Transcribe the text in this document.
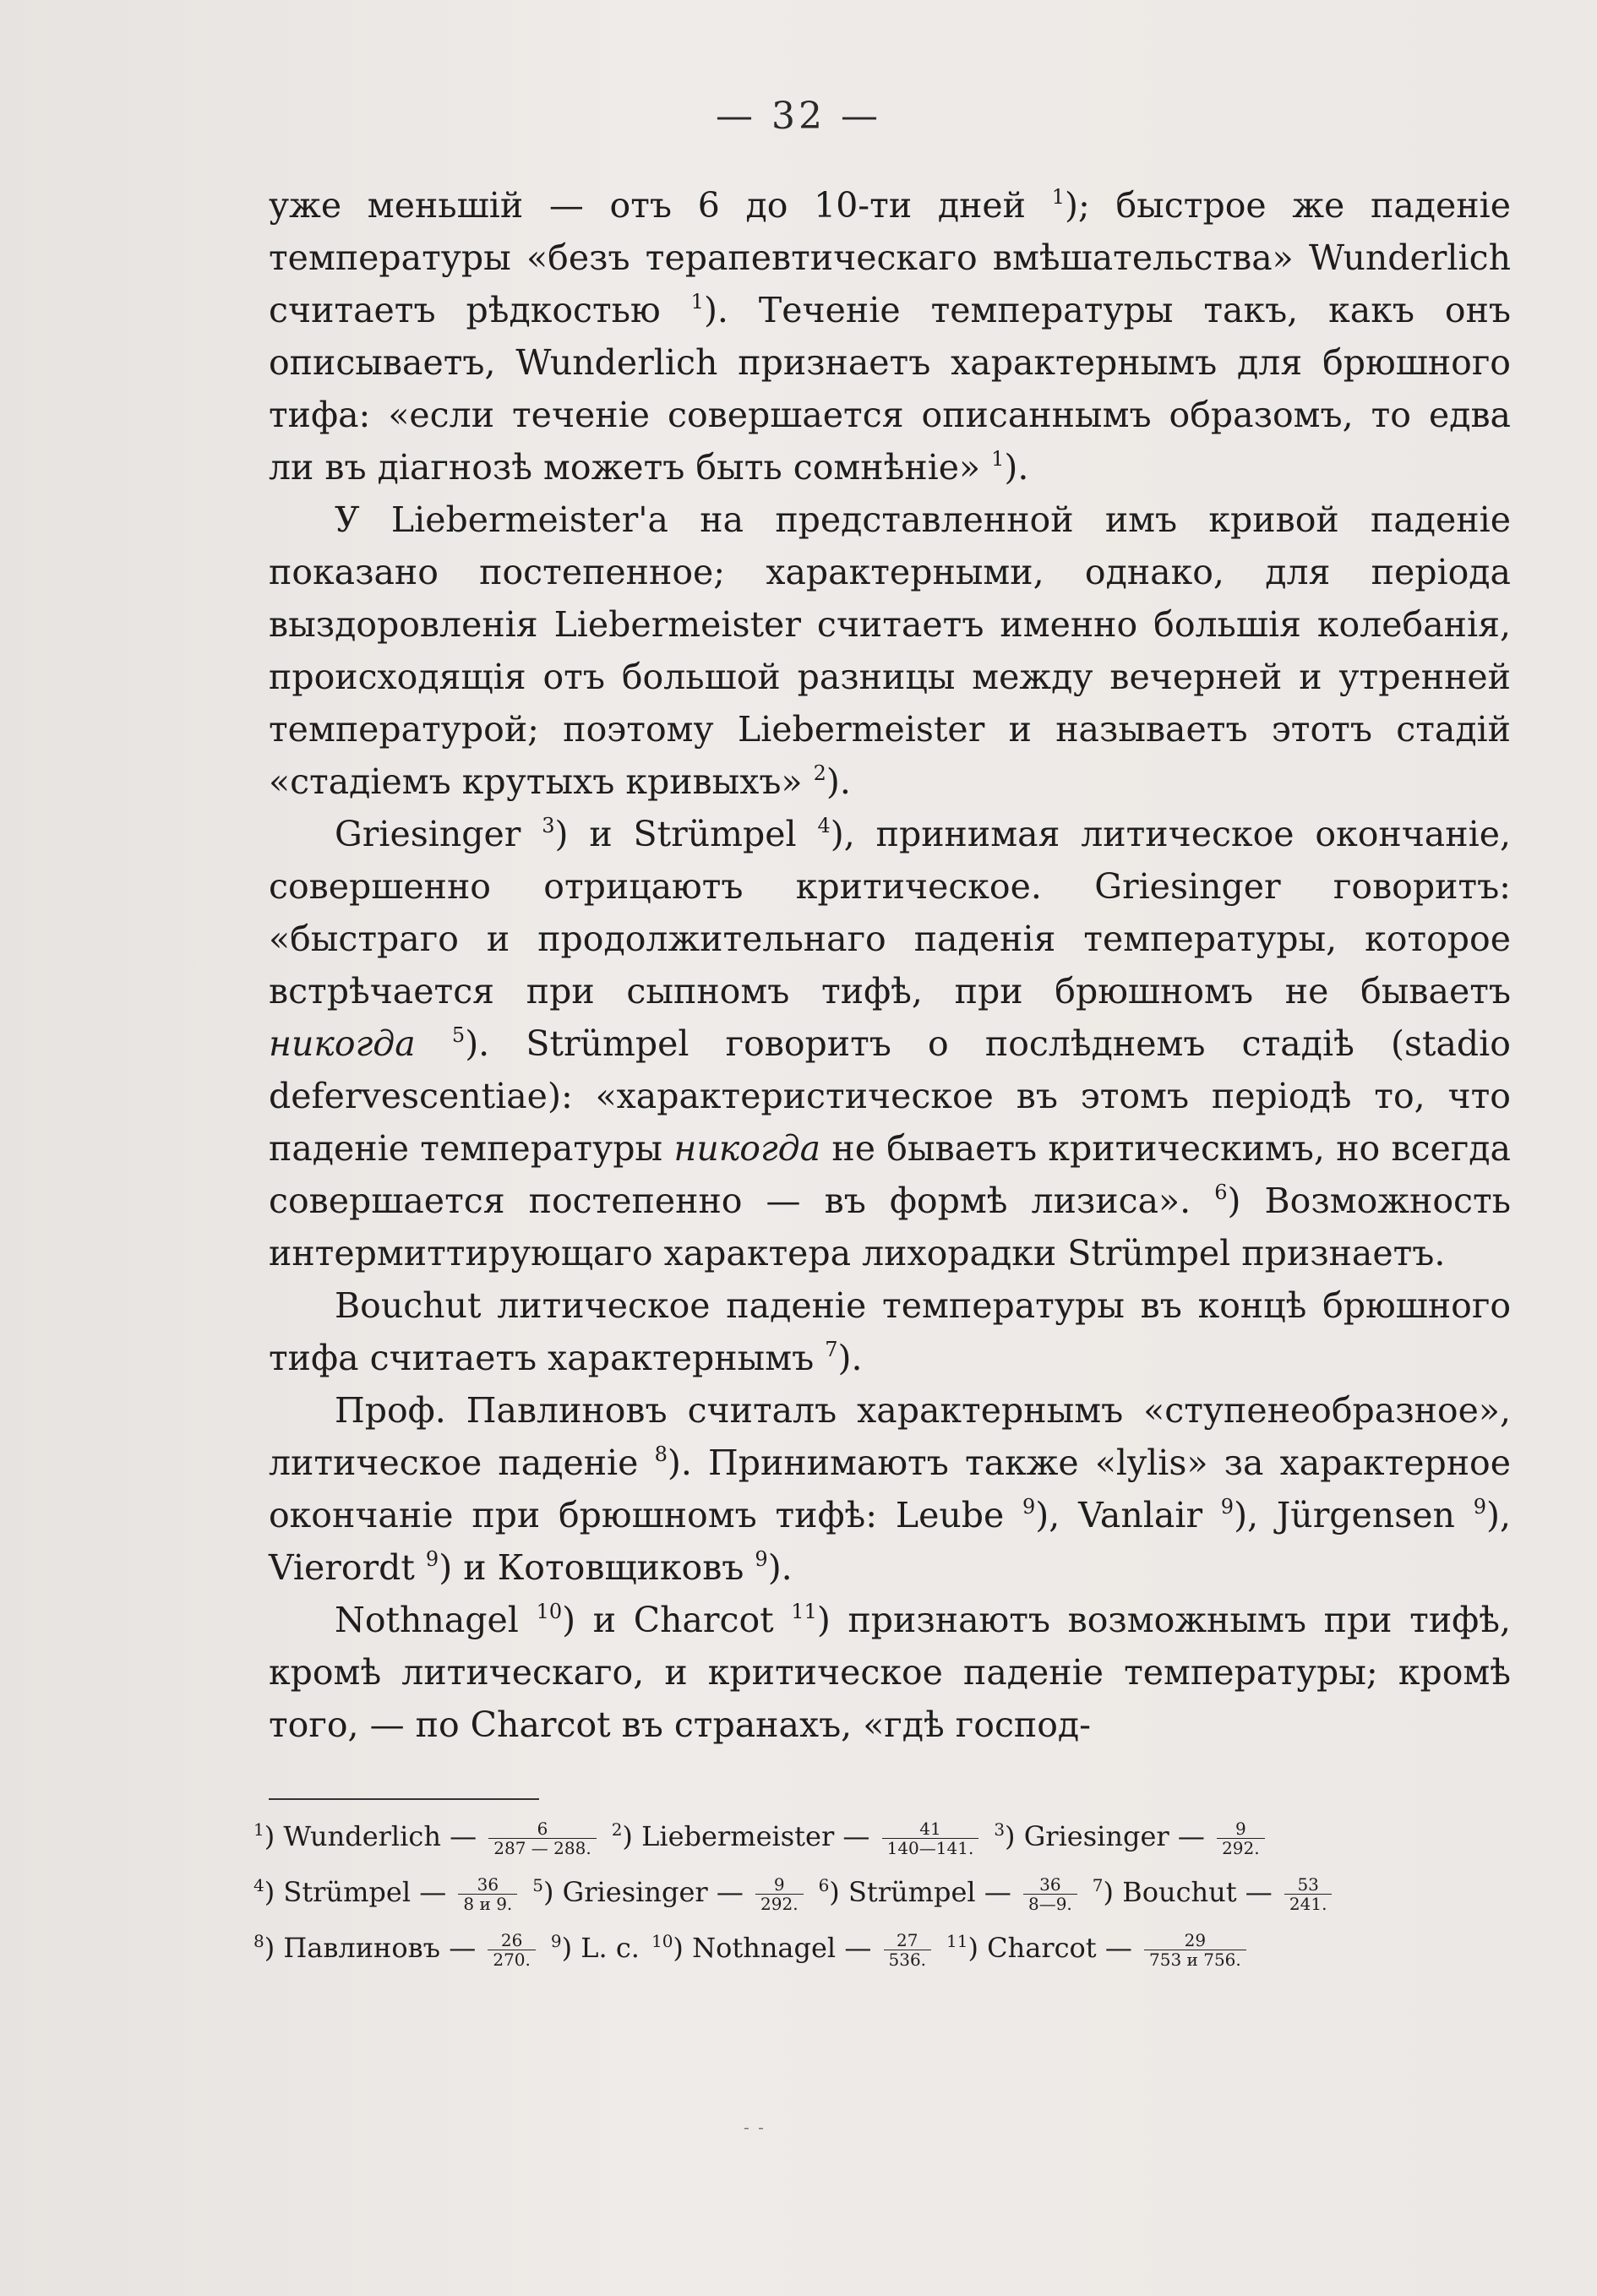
— 32 —

уже меньшій — отъ 6 до 10-ти дней $^1$); быстрое же паденіе температуры «безъ терапевтическаго вмѣшательства» Wunderlich считаетъ рѣдкостью $^1$). Теченіе температуры такъ, какъ онъ описываетъ, Wunderlich признаетъ характернымъ для брюшного тифа: «если теченіе совершается описаннымъ образомъ, то едва ли въ діагнозѣ можетъ быть сомнѣніе» $^1$).

У Liebermeister'a на представленной имъ кривой паденіе показано постепенное; характерными, однако, для періода выздоровленія Liebermeister считаетъ именно большія колебанія, происходящія отъ большой разницы между вечерней и утренней температурой; поэтому Liebermeister и называетъ этотъ стадій «стадіемъ крутыхъ кривыхъ» $^2$).

Griesinger $^3$) и Strümpel $^4$), принимая литическое окончаніе, совершенно отрицаютъ критическое. Griesinger говоритъ: «быстраго и продолжительнаго паденія температуры, которое встрѣчается при сыпномъ тифѣ, при брюшномъ не бываетъ никогда $^5$). Strümpel говоритъ о послѣднемъ стадіѣ (stadio defervescentiae): «характеристическое въ этомъ періодѣ то, что паденіе температуры никогда не бываетъ критическимъ, но всегда совершается постепенно — въ формѣ лизиса». $^6$) Возможность интермиттирующаго характера лихорадки Strümpel признаетъ.

Bouchut литическое паденіе температуры въ концѣ брюшного тифа считаетъ характернымъ $^7$).

Проф. Павлиновъ считалъ характернымъ «ступенеобразное», литическое паденіе $^8$). Принимаютъ также «lylis» за характерное окончаніе при брюшномъ тифѣ: Leube $^9$), Vanlair $^9$), Jürgensen $^9$), Vierordt $^9$) и Котовщиковъ $^9$).

Nothnagel $^{10}$) и Charcot $^{11}$) признаютъ возможнымъ при тифѣ, кромѣ литическаго, и критическое паденіе температуры; кромѣ того, — по Charcot въ странахъ, «гдѣ господ-

$^1$) Wunderlich — $\frac{6}{287 — 288.} ^2$) Liebermeister — $\frac{41}{140—141.} ^3$) Griesinger — $\frac{9}{292.}$
$^4$) Strümpel — $\frac{36}{8 и 9.} ^5$) Griesinger — $\frac{9}{292.} ^6$) Strümpel — $\frac{36}{8—9.} ^7$) Bouchut — $\frac{53}{241.}$
$^8$) Павлиновъ — $\frac{26}{270.} ^9$) L. c. $^{10}$) Nothnagel — $\frac{27}{536.} ^{11}$) Charcot — $\frac{29}{753 и 756.}$
- -
